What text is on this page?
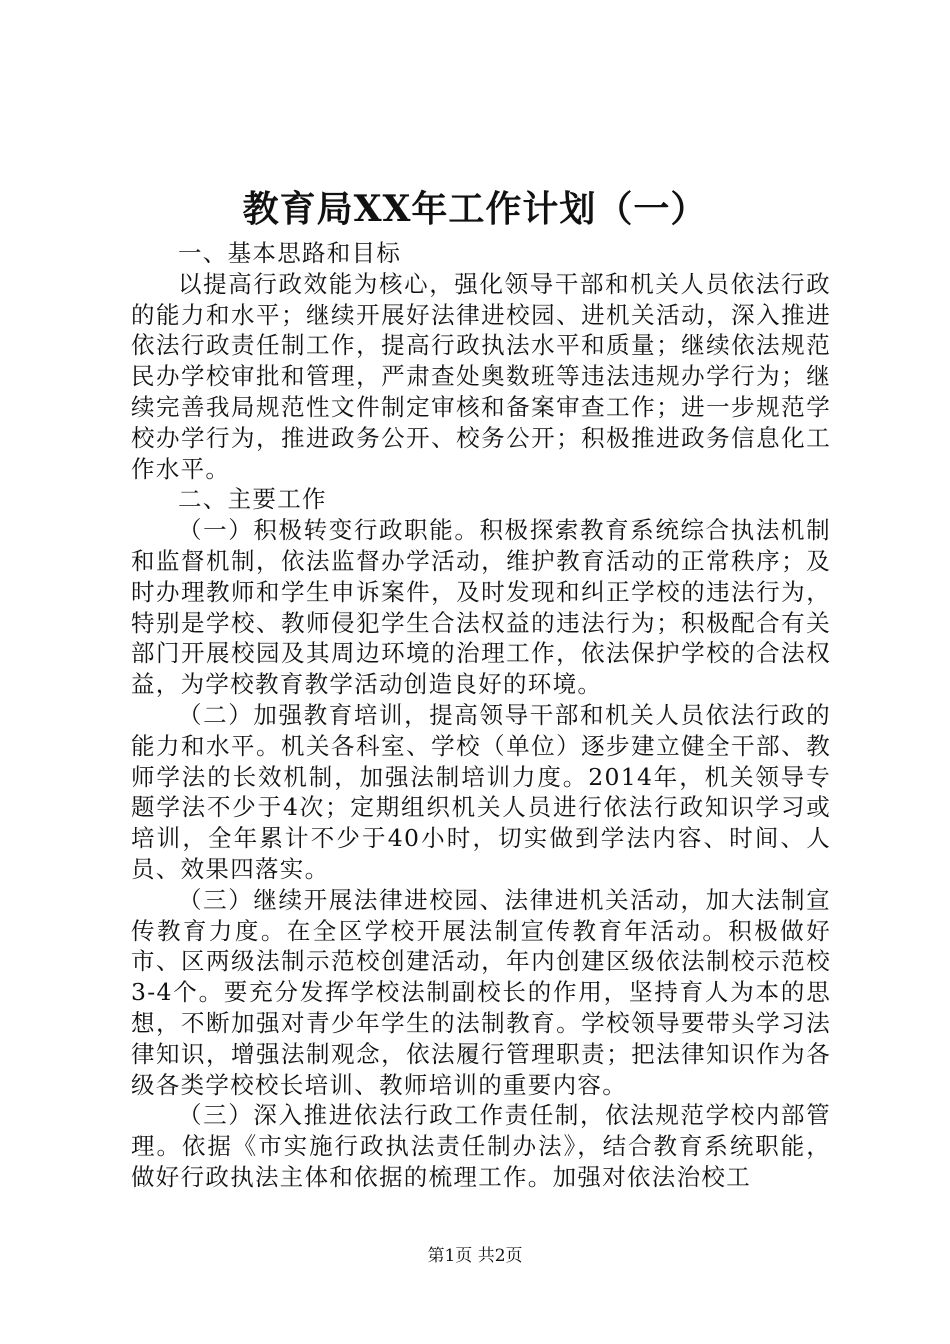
教育局XX年工作计划（一）

一、基本思路和目标

以提高行政效能为核心，强化领导干部和机关人员依法行政的能力和水平；继续开展好法律进校园、进机关活动，深入推进依法行政责任制工作，提高行政执法水平和质量；继续依法规范民办学校审批和管理，严肃查处奥数班等违法违规办学行为；继续完善我局规范性文件制定审核和备案审查工作；进一步规范学校办学行为，推进政务公开、校务公开；积极推进政务信息化工作水平。

二、主要工作

（一）积极转变行政职能。积极探索教育系统综合执法机制和监督机制，依法监督办学活动，维护教育活动的正常秩序；及时办理教师和学生申诉案件，及时发现和纠正学校的违法行为，特别是学校、教师侵犯学生合法权益的违法行为；积极配合有关部门开展校园及其周边环境的治理工作，依法保护学校的合法权益，为学校教育教学活动创造良好的环境。

（二）加强教育培训，提高领导干部和机关人员依法行政的能力和水平。机关各科室、学校（单位）逐步建立健全干部、教师学法的长效机制，加强法制培训力度。2014年，机关领导专题学法不少于4次；定期组织机关人员进行依法行政知识学习或培训，全年累计不少于40小时，切实做到学法内容、时间、人员、效果四落实。

（三）继续开展法律进校园、法律进机关活动，加大法制宣传教育力度。在全区学校开展法制宣传教育年活动。积极做好市、区两级法制示范校创建活动，年内创建区级依法制校示范校3-4个。要充分发挥学校法制副校长的作用，坚持育人为本的思想，不断加强对青少年学生的法制教育。学校领导要带头学习法律知识，增强法制观念，依法履行管理职责；把法律知识作为各级各类学校校长培训、教师培训的重要内容。

（三）深入推进依法行政工作责任制，依法规范学校内部管理。依据《市实施行政执法责任制办法》，结合教育系统职能，做好行政执法主体和依据的梳理工作。加强对依法治校工

第1页 共2页
